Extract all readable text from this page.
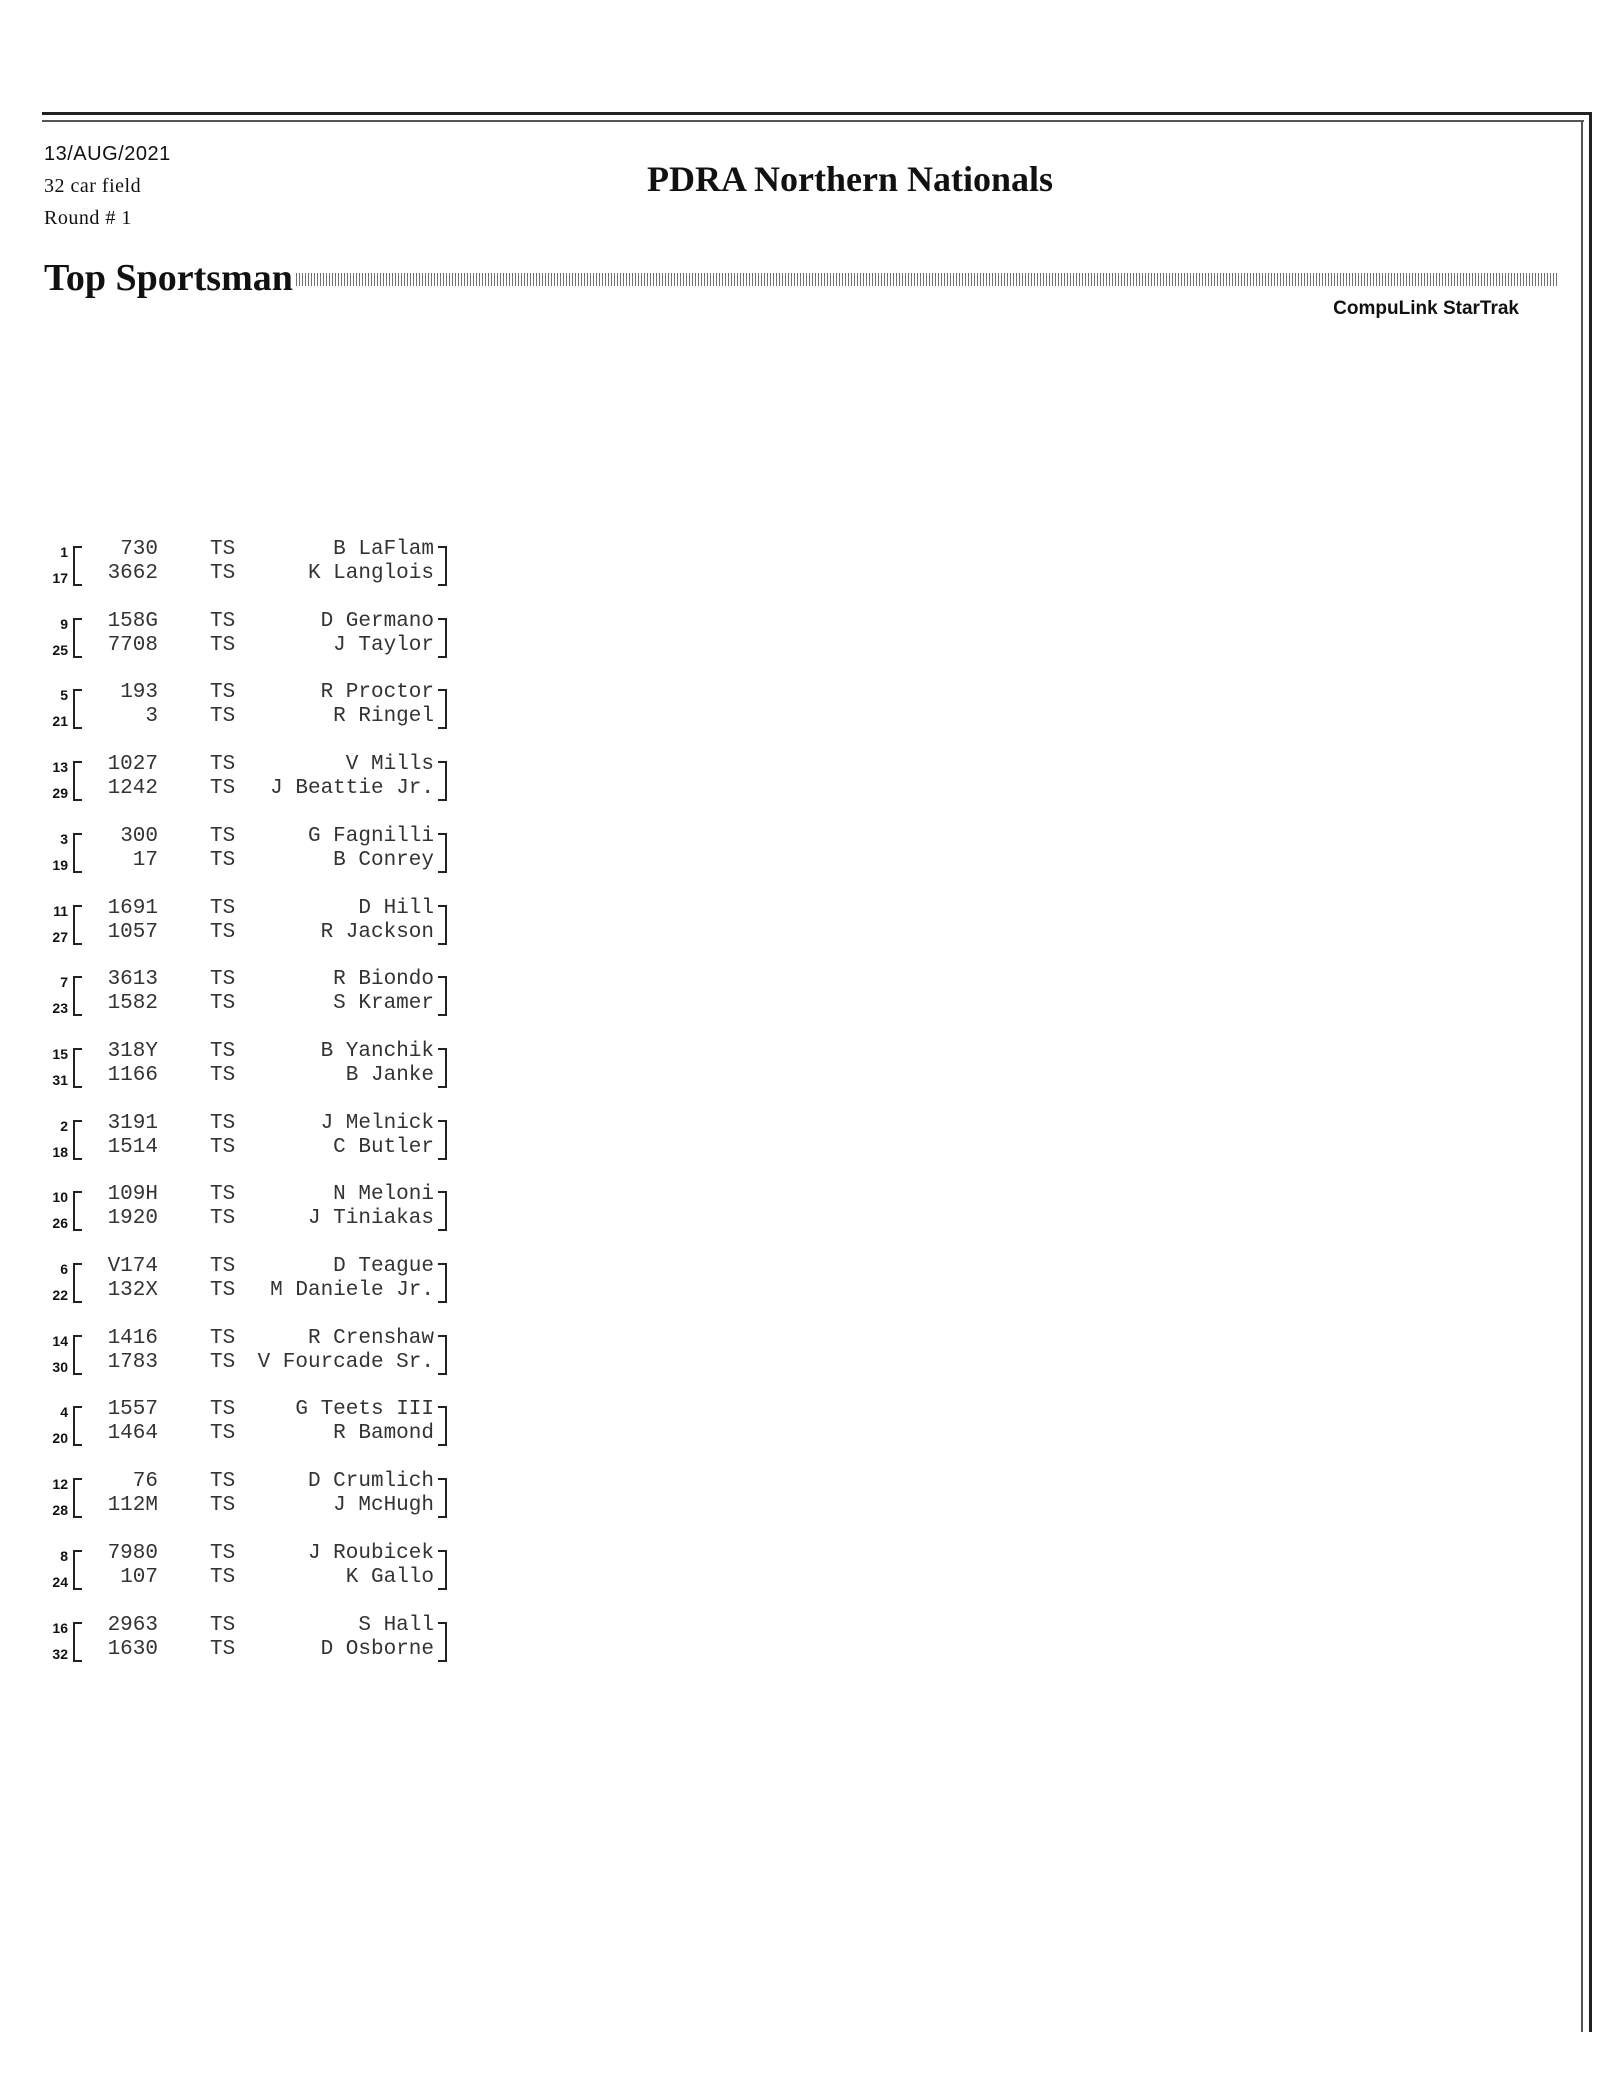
13/AUG/2021
32 car field
Round # 1
PDRA Northern Nationals
Top Sportsman
CompuLink StarTrak
1
17
730
3662
TS
TS
B LaFlam
K Langlois
9
25
158G
7708
TS
TS
D Germano
J Taylor
5
21
193
3
TS
TS
R Proctor
R Ringel
13
29
1027
1242
TS
TS
V Mills
J Beattie Jr.
3
19
300
17
TS
TS
G Fagnilli
B Conrey
11
27
1691
1057
TS
TS
D Hill
R Jackson
7
23
3613
1582
TS
TS
R Biondo
S Kramer
15
31
318Y
1166
TS
TS
B Yanchik
B Janke
2
18
3191
1514
TS
TS
J Melnick
C Butler
10
26
109H
1920
TS
TS
N Meloni
J Tiniakas
6
22
V174
132X
TS
TS
D Teague
M Daniele Jr.
14
30
1416
1783
TS
TS
R Crenshaw
V Fourcade Sr.
4
20
1557
1464
TS
TS
G Teets III
R Bamond
12
28
76
112M
TS
TS
D Crumlich
J McHugh
8
24
7980
107
TS
TS
J Roubicek
K Gallo
16
32
2963
1630
TS
TS
S Hall
D Osborne
